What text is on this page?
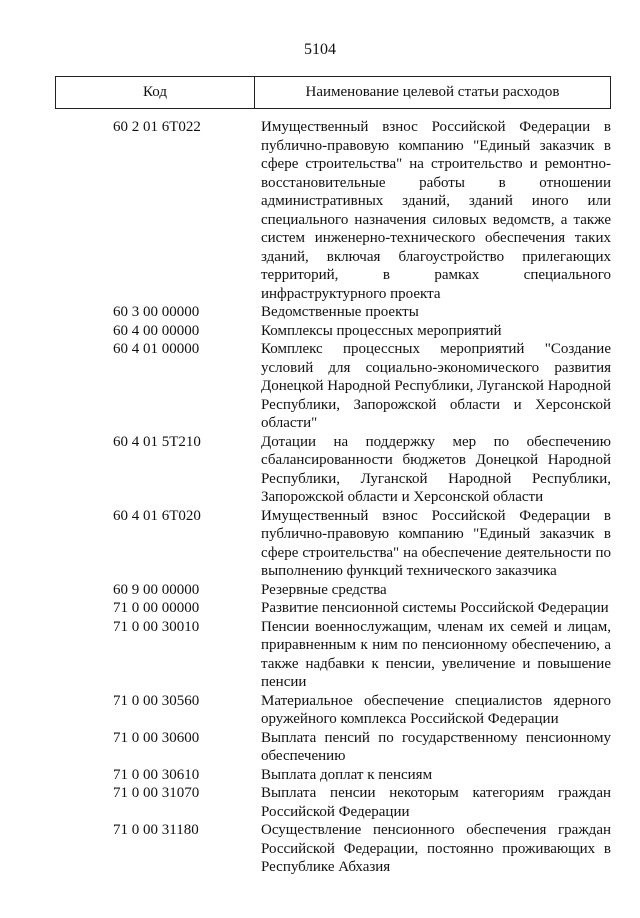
5104
Код	Наименование целевой статьи расходов
60 2 01 6Т022	Имущественный взнос Российской Федерации в публично-правовую компанию "Единый заказчик в сфере строительства" на строительство и ремонтно-восстановительные работы в отношении административных зданий, зданий иного или специального назначения силовых ведомств, а также систем инженерно-технического обеспечения таких зданий, включая благоустройство прилегающих территорий, в рамках специального инфраструктурного проекта
60 3 00 00000	Ведомственные проекты
60 4 00 00000	Комплексы процессных мероприятий
60 4 01 00000	Комплекс процессных мероприятий "Создание условий для социально-экономического развития Донецкой Народной Республики, Луганской Народной Республики, Запорожской области и Херсонской области"
60 4 01 5Т210	Дотации на поддержку мер по обеспечению сбалансированности бюджетов Донецкой Народной Республики, Луганской Народной Республики, Запорожской области и Херсонской области
60 4 01 6Т020	Имущественный взнос Российской Федерации в публично-правовую компанию "Единый заказчик в сфере строительства" на обеспечение деятельности по выполнению функций технического заказчика
60 9 00 00000	Резервные средства
71 0 00 00000	Развитие пенсионной системы Российской Федерации
71 0 00 30010	Пенсии военнослужащим, членам их семей и лицам, приравненным к ним по пенсионному обеспечению, а также надбавки к пенсии, увеличение и повышение пенсии
71 0 00 30560	Материальное обеспечение специалистов ядерного оружейного комплекса Российской Федерации
71 0 00 30600	Выплата пенсий по государственному пенсионному обеспечению
71 0 00 30610	Выплата доплат к пенсиям
71 0 00 31070	Выплата пенсии некоторым категориям граждан Российской Федерации
71 0 00 31180	Осуществление пенсионного обеспечения граждан Российской Федерации, постоянно проживающих в Республике Абхазия
